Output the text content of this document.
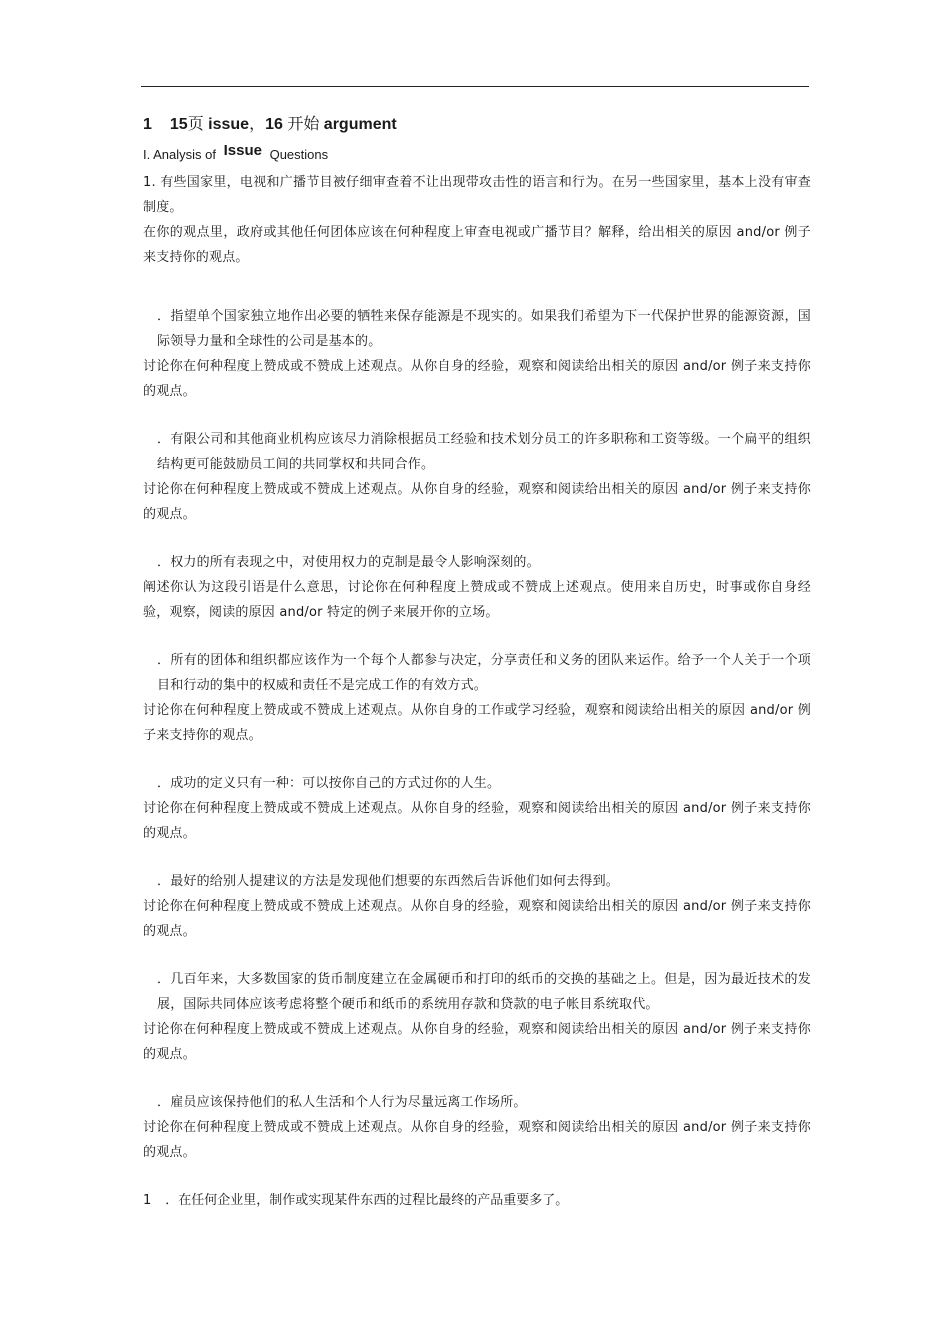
1 15页 issue，16 开始 argument
I. Analysis of Issue Questions

1. 有些国家里，电视和广播节目被仔细审查着不让出现带攻击性的语言和行为。在另一些国家里，基本上没有审查制度。

在你的观点里，政府或其他任何团体应该在何种程度上审查电视或广播节目？解释，给出相关的原因 and/or 例子来支持你的观点。

．指望单个国家独立地作出必要的牺牲来保存能源是不现实的。如果我们希望为下一代保护世界的能源资源，国际领导力量和全球性的公司是基本的。

讨论你在何种程度上赞成或不赞成上述观点。从你自身的经验，观察和阅读给出相关的原因 and/or 例子来支持你的观点。

．有限公司和其他商业机构应该尽力消除根据员工经验和技术划分员工的许多职称和工资等级。一个扁平的组织结构更可能鼓励员工间的共同掌权和共同合作。

讨论你在何种程度上赞成或不赞成上述观点。从你自身的经验，观察和阅读给出相关的原因 and/or 例子来支持你的观点。

．权力的所有表现之中，对使用权力的克制是最令人影响深刻的。

阐述你认为这段引语是什么意思，讨论你在何种程度上赞成或不赞成上述观点。使用来自历史，时事或你自身经验，观察，阅读的原因 and/or 特定的例子来展开你的立场。

．所有的团体和组织都应该作为一个每个人都参与决定，分享责任和义务的团队来运作。给予一个人关于一个项目和行动的集中的权威和责任不是完成工作的有效方式。

讨论你在何种程度上赞成或不赞成上述观点。从你自身的工作或学习经验，观察和阅读给出相关的原因 and/or 例子来支持你的观点。

．成功的定义只有一种：可以按你自己的方式过你的人生。

讨论你在何种程度上赞成或不赞成上述观点。从你自身的经验，观察和阅读给出相关的原因 and/or 例子来支持你的观点。

．最好的给别人提建议的方法是发现他们想要的东西然后告诉他们如何去得到。

讨论你在何种程度上赞成或不赞成上述观点。从你自身的经验，观察和阅读给出相关的原因 and/or 例子来支持你的观点。

．几百年来，大多数国家的货币制度建立在金属硬币和打印的纸币的交换的基础之上。但是，因为最近技术的发展，国际共同体应该考虑将整个硬币和纸币的系统用存款和贷款的电子帐目系统取代。

讨论你在何种程度上赞成或不赞成上述观点。从你自身的经验，观察和阅读给出相关的原因 and/or 例子来支持你的观点。

．雇员应该保持他们的私人生活和个人行为尽量远离工作场所。

讨论你在何种程度上赞成或不赞成上述观点。从你自身的经验，观察和阅读给出相关的原因 and/or 例子来支持你的观点。

1 ．在任何企业里，制作或实现某件东西的过程比最终的产品重要多了。
